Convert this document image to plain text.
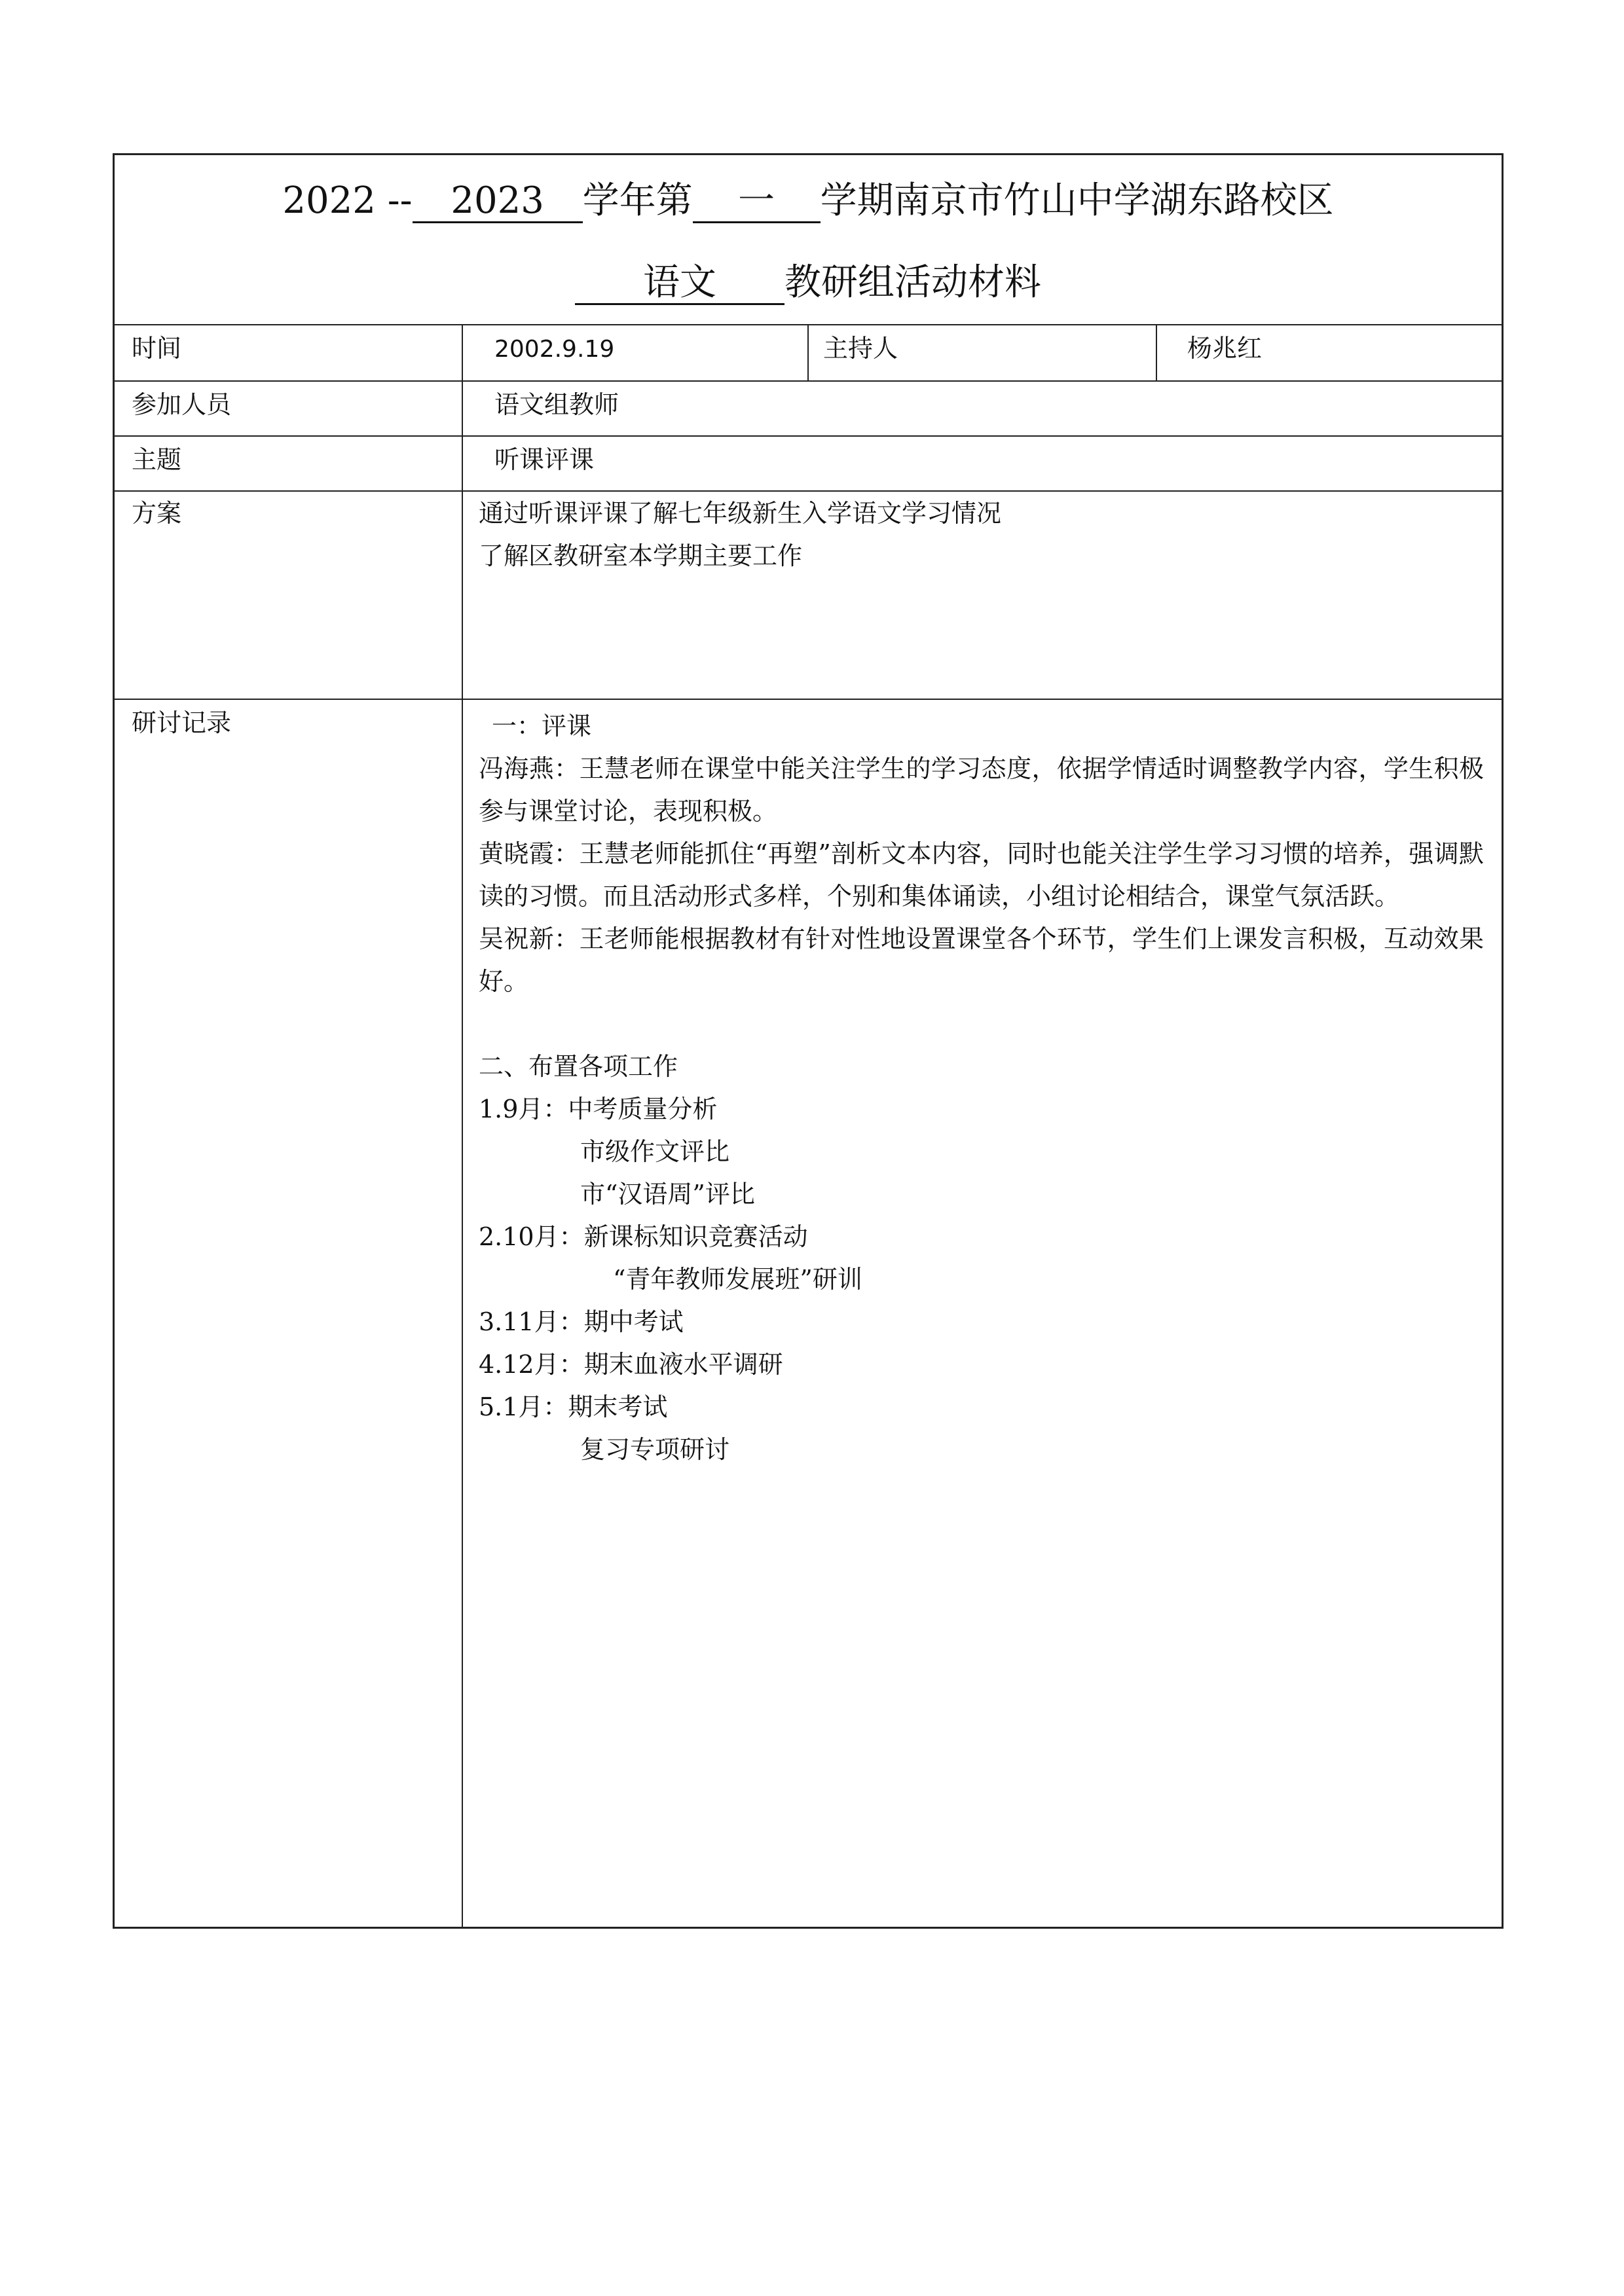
2022 -- 2023 学年第 一 学期南京市竹山中学湖东路校区
语文 教研组活动材料
时间	2002.9.19	主持人	杨兆红
参加人员	语文组教师
主题	听课评课
方案	通过听课评课了解七年级新生入学语文学习情况
了解区教研室本学期主要工作
研讨记录	一：评课
冯海燕：王慧老师在课堂中能关注学生的学习态度，依据学情适时调整教学内容，学生积极参与课堂讨论，表现积极。
黄晓霞：王慧老师能抓住“再塑”剖析文本内容，同时也能关注学生学习习惯的培养，强调默读的习惯。而且活动形式多样，个别和集体诵读，小组讨论相结合，课堂气氛活跃。
吴祝新：王老师能根据教材有针对性地设置课堂各个环节，学生们上课发言积极，互动效果好。
二、布置各项工作
1.9月：中考质量分析
市级作文评比
市“汉语周”评比
2.10月：新课标知识竞赛活动
“青年教师发展班”研训
3.11月：期中考试
4.12月：期末血液水平调研
5.1月：期末考试
复习专项研讨
